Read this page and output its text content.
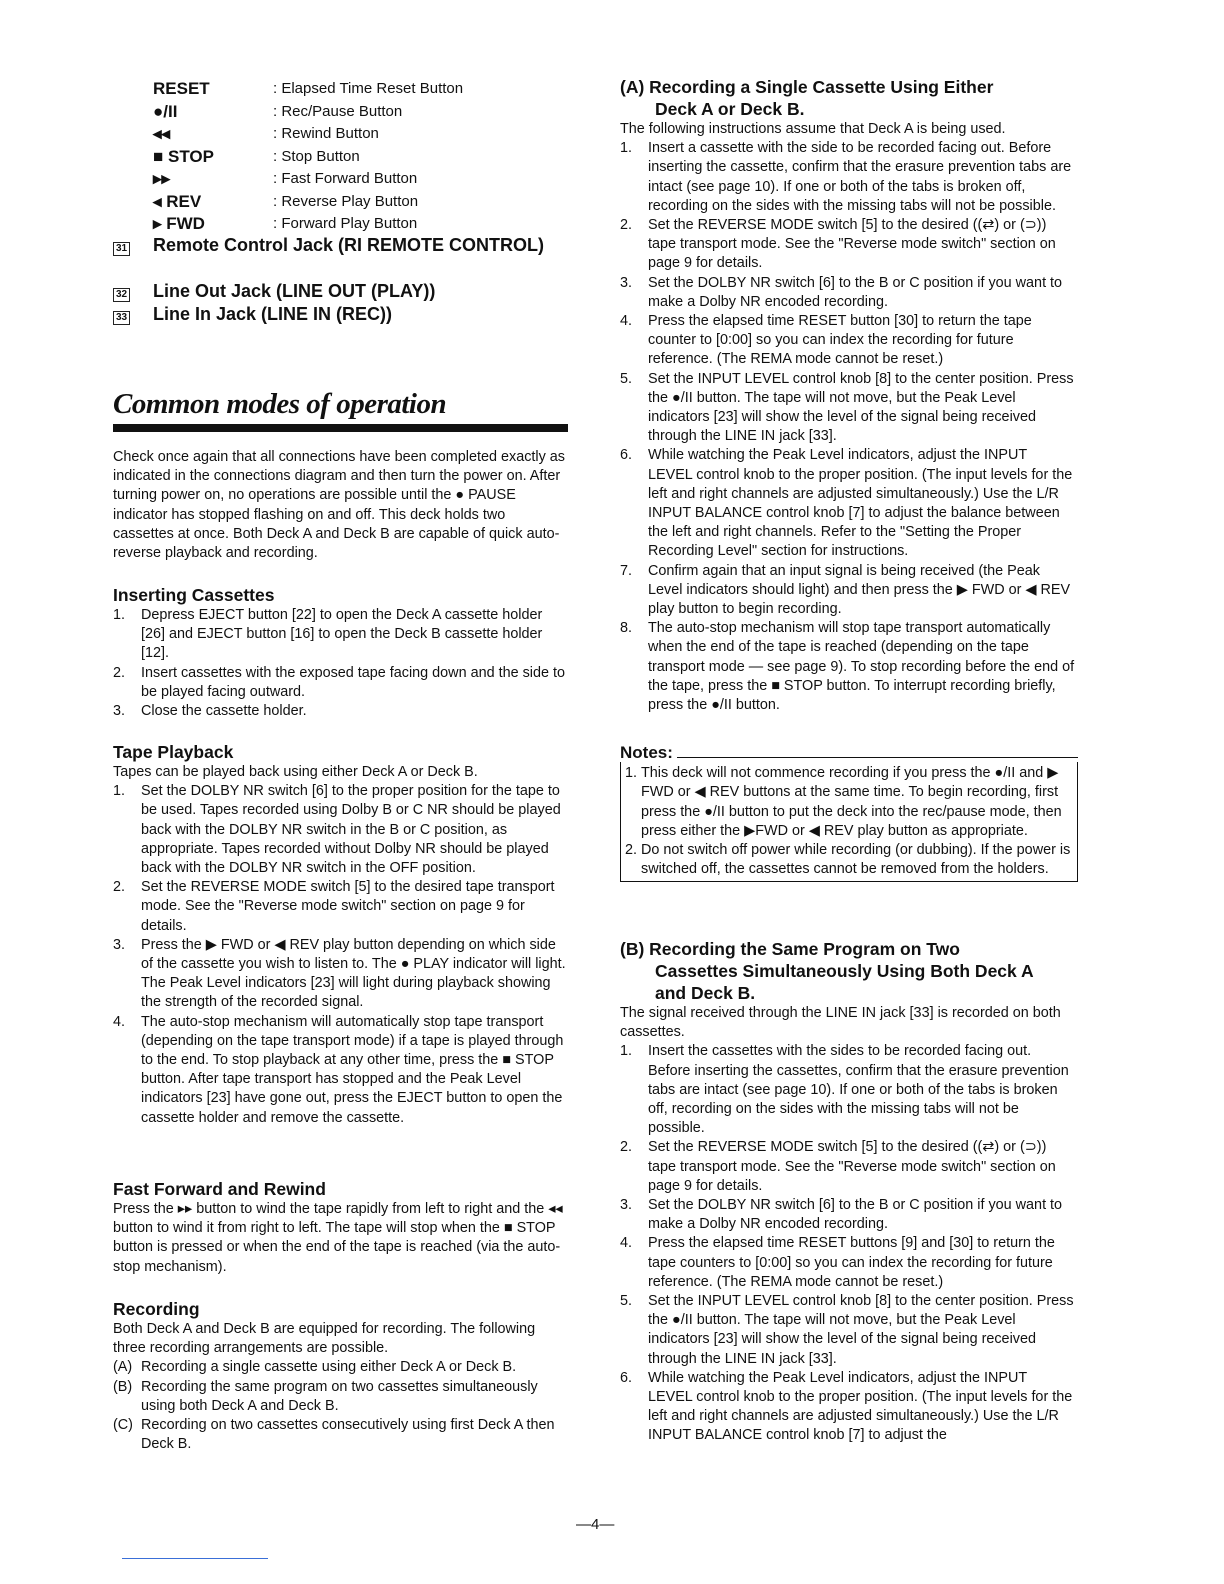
RESET	: Elapsed Time Reset Button
●/II	: Rec/Pause Button
◂◂	: Rewind Button
■ STOP	: Stop Button
▸▸	: Fast Forward Button
◂ REV	: Reverse Play Button
▸ FWD	: Forward Play Button
31	Remote Control Jack (RI REMOTE CONTROL)
32	Line Out Jack (LINE OUT (PLAY))
33	Line In Jack (LINE IN (REC))
Common modes of operation

Check once again that all connections have been completed exactly as indicated in the connections diagram and then turn the power on. After turning power on, no operations are possible until the ● PAUSE indicator has stopped flashing on and off. This deck holds two cassettes at once. Both Deck A and Deck B are capable of quick auto-reverse playback and recording.

Inserting Cassettes

1.	Depress EJECT button [22] to open the Deck A cassette holder [26] and EJECT button [16] to open the Deck B cassette holder [12].
2.	Insert cassettes with the exposed tape facing down and the side to be played facing outward.
3.	Close the cassette holder.

Tape Playback

Tapes can be played back using either Deck A or Deck B.

1.	Set the DOLBY NR switch [6] to the proper position for the tape to be used. Tapes recorded using Dolby B or C NR should be played back with the DOLBY NR switch in the B or C position, as appropriate. Tapes recorded without Dolby NR should be played back with the DOLBY NR switch in the OFF position.
2.	Set the REVERSE MODE switch [5] to the desired tape transport mode. See the "Reverse mode switch" section on page 9 for details.
3.	Press the ▶ FWD or ◀ REV play button depending on which side of the cassette you wish to listen to. The ● PLAY indicator will light. The Peak Level indicators [23] will light during playback showing the strength of the recorded signal.
4.	The auto-stop mechanism will automatically stop tape transport (depending on the tape transport mode) if a tape is played through to the end. To stop playback at any other time, press the ■ STOP button. After tape transport has stopped and the Peak Level indicators [23] have gone out, press the EJECT button to open the cassette holder and remove the cassette.

Fast Forward and Rewind

Press the ▸▸ button to wind the tape rapidly from left to right and the ◂◂ button to wind it from right to left. The tape will stop when the ■ STOP button is pressed or when the end of the tape is reached (via the auto-stop mechanism).

Recording

Both Deck A and Deck B are equipped for recording. The following three recording arrangements are possible.

(A) Recording a single cassette using either Deck A or Deck B.
(B) Recording the same program on two cassettes simultaneously using both Deck A and Deck B.
(C) Recording on two cassettes consecutively using first Deck A then Deck B.

(A) Recording a Single Cassette Using Either

Deck A or Deck B.

The following instructions assume that Deck A is being used.

1.	Insert a cassette with the side to be recorded facing out. Before inserting the cassette, confirm that the erasure prevention tabs are intact (see page 10). If one or both of the tabs is broken off, recording on the sides with the missing tabs will not be possible.
2.	Set the REVERSE MODE switch [5] to the desired ((⇄) or (⊃)) tape transport mode. See the "Reverse mode switch" section on page 9 for details.
3.	Set the DOLBY NR switch [6] to the B or C position if you want to make a Dolby NR encoded recording.
4.	Press the elapsed time RESET button [30] to return the tape counter to [0:00] so you can index the recording for future reference. (The REMA mode cannot be reset.)
5.	Set the INPUT LEVEL control knob [8] to the center position. Press the ●/II button. The tape will not move, but the Peak Level indicators [23] will show the level of the signal being received through the LINE IN jack [33].
6.	While watching the Peak Level indicators, adjust the INPUT LEVEL control knob to the proper position. (The input levels for the left and right channels are adjusted simultaneously.) Use the L/R INPUT BALANCE control knob [7] to adjust the balance between the left and right channels. Refer to the "Setting the Proper Recording Level" section for instructions.
7.	Confirm again that an input signal is being received (the Peak Level indicators should light) and then press the ▶ FWD or ◀ REV play button to begin recording.
8.	The auto-stop mechanism will stop tape transport automatically when the end of the tape is reached (depending on the tape transport mode — see page 9). To stop recording before the end of the tape, press the ■ STOP button. To interrupt recording briefly, press the ●/II button.
Notes:
1. This deck will not commence recording if you press the ●/II and ▶ FWD or ◀ REV buttons at the same time. To begin recording, first press the ●/II button to put the deck into the rec/pause mode, then press either the ▶FWD or ◀ REV play button as appropriate.
2. Do not switch off power while recording (or dubbing). If the power is switched off, the cassettes cannot be removed from the holders.

(B) Recording the Same Program on Two

Cassettes Simultaneously Using Both Deck A

and Deck B.

The signal received through the LINE IN jack [33] is recorded on both cassettes.

1.	Insert the cassettes with the sides to be recorded facing out. Before inserting the cassettes, confirm that the erasure prevention tabs are intact (see page 10). If one or both of the tabs is broken off, recording on the sides with the missing tabs will not be possible.
2.	Set the REVERSE MODE switch [5] to the desired ((⇄) or (⊃)) tape transport mode. See the "Reverse mode switch" section on page 9 for details.
3.	Set the DOLBY NR switch [6] to the B or C position if you want to make a Dolby NR encoded recording.
4.	Press the elapsed time RESET buttons [9] and [30] to return the tape counters to [0:00] so you can index the recording for future reference. (The REMA mode cannot be reset.)
5.	Set the INPUT LEVEL control knob [8] to the center position. Press the ●/II button. The tape will not move, but the Peak Level indicators [23] will show the level of the signal being received through the LINE IN jack [33].
6.	While watching the Peak Level indicators, adjust the INPUT LEVEL control knob to the proper position. (The input levels for the left and right channels are adjusted simultaneously.) Use the L/R INPUT BALANCE control knob [7] to adjust the
—4—
